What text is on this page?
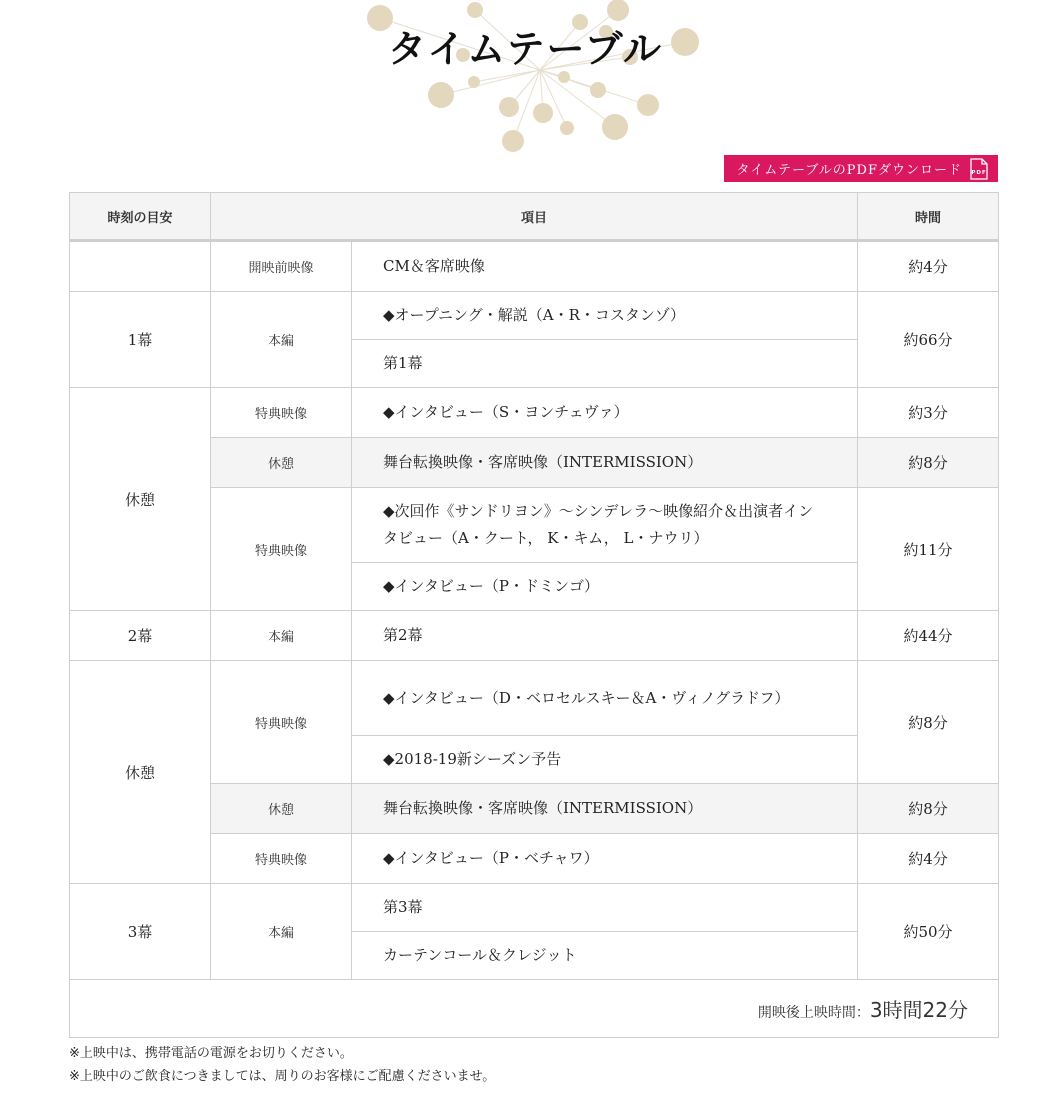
タイムテーブル
タイムテーブルのPDFダウンロード PDF
時刻の目安	項目		時間
	開映前映像	CM＆客席映像	約4分
1幕	本編	◆オープニング・解説（A・R・コスタンゾ）	約66分
		第1幕	
休憩	特典映像	◆インタビュー（S・ヨンチェヴァ）	約3分
	休憩	舞台転換映像・客席映像（INTERMISSION）	約8分
	特典映像	◆次回作《サンドリヨン》〜シンデレラ〜映像紹介＆出演者インタビュー（A・クート， K・キム， L・ナウリ）	約11分
		◆インタビュー（P・ドミンゴ）	
2幕	本編	第2幕	約44分
休憩	特典映像	◆インタビュー（D・ベロセルスキー＆A・ヴィノグラドフ）	約8分
		◆2018-19新シーズン予告	
	休憩	舞台転換映像・客席映像（INTERMISSION）	約8分
	特典映像	◆インタビュー（P・ベチャワ）	約4分
3幕	本編	第3幕	約50分
		カーテンコール＆クレジット	
開映後上映時間：3時間22分			
※上映中は、携帯電話の電源をお切りください。
※上映中のご飲食につきましては、周りのお客様にご配慮くださいませ。
